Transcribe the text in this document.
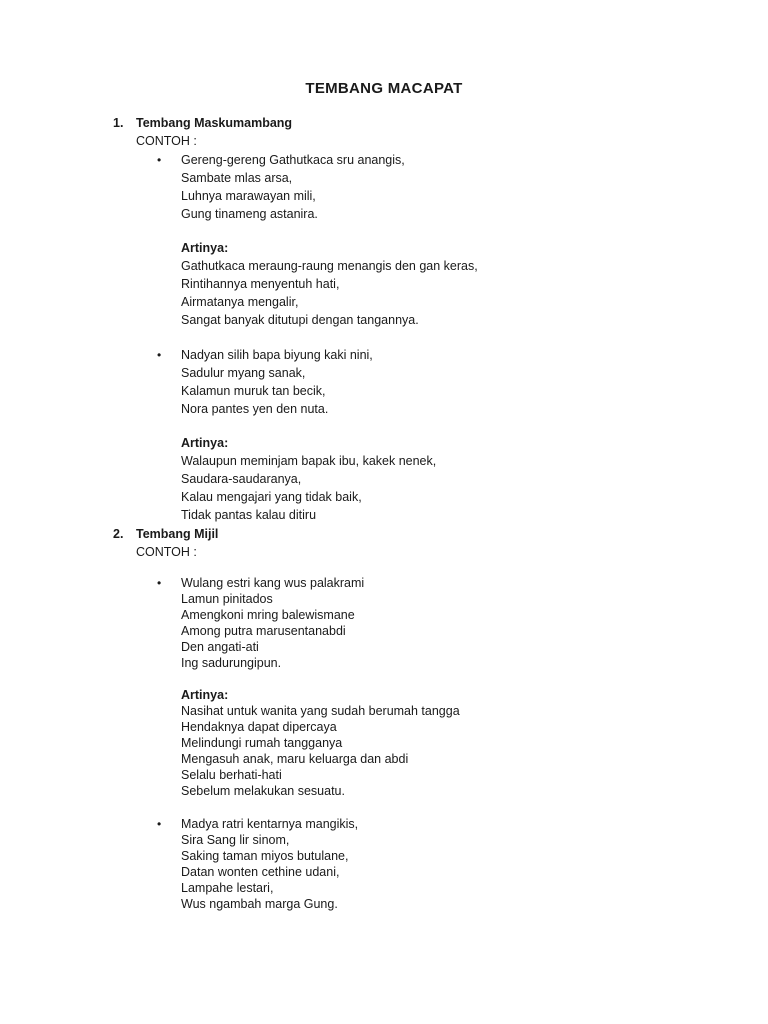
TEMBANG MACAPAT
1. Tembang Maskumambang
CONTOH :
•	Gereng-gereng Gathutkaca sru anangis,
Sambate mlas arsa,
Luhnya marawayan mili,
Gung tinameng astanira.
Artinya:
Gathutkaca meraung-raung menangis den gan keras,
Rintihannya menyentuh hati,
Airmatanya mengalir,
Sangat banyak ditutupi dengan tangannya.
•	Nadyan silih bapa biyung kaki nini,
Sadulur myang sanak,
Kalamun muruk tan becik,
Nora pantes yen den nuta.
Artinya:
Walaupun meminjam bapak ibu, kakek nenek,
Saudara-saudaranya,
Kalau mengajari yang tidak baik,
Tidak pantas kalau ditiru
2. Tembang Mijil
CONTOH :
•	Wulang estri kang wus palakrami
Lamun pinitados
Amengkoni mring balewismane
Among putra marusentanabdi
Den angati-ati
Ing sadurungipun.
Artinya:
Nasihat untuk wanita yang sudah berumah tangga
Hendaknya dapat dipercaya
Melindungi rumah tangganya
Mengasuh anak, maru keluarga dan abdi
Selalu berhati-hati
Sebelum melakukan sesuatu.
•	Madya ratri kentarnya mangikis,
Sira Sang lir sinom,
Saking taman miyos butulane,
Datan wonten cethine udani,
Lampahe lestari,
Wus ngambah marga Gung.
